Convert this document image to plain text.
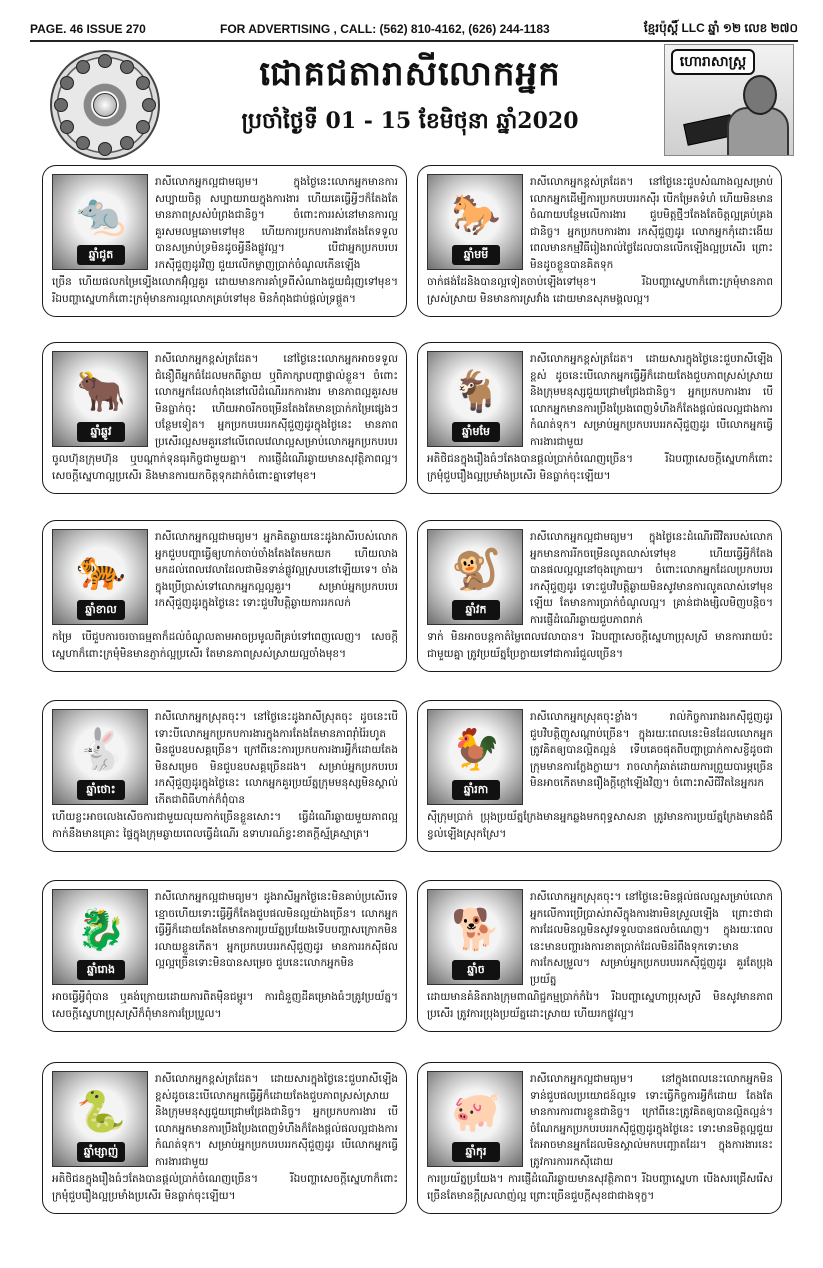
PAGE. 46 ISSUE 270	FOR ADVERTISING , CALL: (562) 810-4162, (626) 244-1183	ខ្មែរប៉ុស្ដិ៍ LLC ឆ្នាំ ១២ លេខ ២៧០
ជោគជតារាសីលោកអ្នក
ប្រចាំថ្ងៃទី 01 - 15 ខែមិថុនា ឆ្នាំ2020
ហោរាសាស្ត្រ
🐀
ឆ្នាំជូត
រាសីលោកអ្នកល្អជាមធ្យម។ ក្នុងថ្ងៃនេះលោកអ្នកមានការសប្បាយចិត្ត សប្បាយរាយក្នុងការងារ ហើយគេធ្វើអ្វីៗក៏តែងតែមានភាពស្រស់បំព្រងជានិច្ច។ ចំពោះការរស់នៅមានការល្អគួរសមលម្អឆោមទៅមុខ ហើយការប្រកបការងារតែងតែទទួលបានសម្រាប់ទ្រមិនដូចអ្វីនឹងផ្លូវល្អ។ បើជាអ្នកប្រកបរបររកស៊ីជួញដូរវិញ ជួយលើកម្លាញប្រាក់ចំណូលកើនឡើង
ច្រើន ហើយផលកម្រៃទ្បើងលោកអ៊ុំល្អគួរ ដោយមានការគាំទ្រពីសំណាងជួយជំរុញទៅមុខ។ រីឯបញ្ហាស្នេហាក៏ពោះក្រមុំមានការល្អលោកគ្រប់ទៅមុខ មិនកំពុងជាប់ផ្តល់ទ្រផ្តួត។
🐎
ឆ្នាំមមី
រាសីលោកអ្នកខ្ពស់ត្រដែត។ នៅថ្ងៃនេះជួបសំណាងល្អសម្រាប់លោកអ្នកដើម្បីការប្រកបរបររកស៊ីរ បើកម្រែតទំហំ ហើយមិនមានចំណាយបន្ថែមលើការងារ ជួបមិត្តថ្មីៗតែងតែចិត្តល្អគ្រប់គ្រងជានិច្ច។ អ្នកប្រកបការងារ រកស៊ីជួញដូរ លោកអ្នកកុំដោះងើយពេលមានកម្មវិធីរៀងរាល់ថ្ងៃដែលបានលើកឡើងល្អប្រសើរ ព្រោះមិនដូចខ្លួនបានគិតទុក
ចាក់ផង់ដែនិងបានល្អទៀតចាប់ឡើងទៅមុខ។ រីឯបញ្ហាស្នេហាក៏ពោះក្រមុំមានភាពស្រស់ស្រាយ មិនមានការស្រវាំង ដោយមានសុភមង្គលល្អ។
🐂
ឆ្នាំឆ្លូវ
រាសីលោកអ្នកខ្ពស់ត្រដែត។ នៅថ្ងៃនេះលោកអ្នកអាចទទួលជំនឿពីអ្នកធំដែលមកពីឆ្ងាយ ឬពិភាក្សាបញ្ហាផ្ទាល់ខ្លួន។ ចំពោះលោកអ្នកដែលកំពុងនៅលើដំណើររកការងារ មានភាពល្អគួរសមមិនធ្លាក់ចុះ ហើយអាចរីកចម្រើនតែងតែមានប្រាក់កម្រៃផ្សេងៗបន្ថែមទៀត។ អ្នកប្រកបរបររកស៊ីជួញដូរក្នុងថ្ងៃនេះ មានភាពប្រសើរល្អសមគួរនៅលើពេលវេលាល្អសម្រាប់លោកអ្នកប្រកបរបរ
ចូលហ៊ុនក្រុមហ៊ុន ឬបណ្តាក់ទុនធុរកិច្ចជាមួយគ្នា។ ការផ្ញើដំណើរឆ្ងាយមានសុវត្ថិភាពល្អ។ សេចក្តីស្នេហាល្អប្រសើរ និងមានការយកចិត្តទុកដាក់ចំពោះគ្នាទៅមុខ។
🐐
ឆ្នាំមមែ
រាសីលោកអ្នកខ្ពស់ត្រដែត។ ដោយសារក្នុងថ្ងៃនេះជួបរាសីឡើងខ្ពស់ ដូចនេះបើលោកអ្នកធ្វើអ្វីក៏ដោយតែងជួបភាពស្រស់ស្រាយ និងក្រុមមនុស្សជួយជ្រោមជ្រែងជានិច្ច។ អ្នកប្រកបការងារ បើលោកអ្នកមានការប្រឹងប្រែងពេញទំហឹងក៏តែងផ្តល់ផលល្អជាងការកំណត់ទុក។ សម្រាប់អ្នកប្រកបរបររកស៊ីជួញដូរ បើលោកអ្នកធ្វើការងារជាមួយ
អតិថិជនក្នុងរឿងធំៗតែងបានផ្តល់ប្រាក់ចំណេញច្រើន។ រីឯបញ្ហាសេចក្តីស្នេហាក៏ពោះក្រមុំជួបរឿងល្អប្រមាំងប្រសើរ មិនធ្លាក់ចុះឡើយ។
🐅
ឆ្នាំខាល
រាសីលោកអ្នកល្អជាមធ្យម។ អ្នកគិតឆ្ងាយនេះដូងរាសីរបស់លោកអ្នកជួបបញ្ហាធ្វើឲ្យហាក់ចាប់ចាំងតែងតែមកយក ហើយលាងមកដល់ពេលវេលាដែលជាមិនទាន់ផ្លូវល្អស្របនៅឡើយទេ។ ចាំងក្នុងប្រើប្រាស់ទៅលោកអ្នកល្អល្អគួរ។ សម្រាប់អ្នកប្រកបរបររកស៊ីជួញដូរក្នុងថ្ងៃនេះ ទោះជួបវិបត្តិឆ្ងាយការរកលក់
កម្រៃ បើជួបការចរចាធម្មតាក៏ដល់ចំណូលតាមអាចប្រមូលពីគ្រប់ទៅពេញលេញ។ សេចក្តីស្នេហាក៏ពោះក្រមុំមិនមានភ្ញាក់ល្អប្រសើរ តែមានភាពស្រស់ស្រាយល្អចាំងមុខ។
🐒
ឆ្នាំវក
រាសីលោកអ្នកល្អជាមធ្យម។ ក្នុងថ្ងៃនេះដំណើរជីវិតរបស់លោកអ្នកមានការរីកចម្រើនលូតលាស់ទៅមុខ ហើយធ្វើអ្វីក៏តែងបានផលល្អល្អនៅចុងក្រោយ។ ចំពោះលោកអ្នកដែលប្រកបរបររកស៊ីជួញដូរ ទោះជួបវិបត្តិឆ្ងាយមិនសូវមានការលូតលាស់ទៅមុខឡើយ តែមានការប្រាក់ចំណូលល្អ។ គ្រាន់ជាងម្សិលមិញបន្តិច។ ការផ្ញើដំណើរឆ្ងាយជួបភាពរាក់
ទាក់ មិនអាចបន្តកាតំម្លៃពេលវេលាបាន។ រីឯបញ្ហាសេចក្តីស្នេហាប្រុសស្រី មានការរាយប៉ះជាមួយគ្នា ត្រូវប្រយ័ត្នប្រែក្លាយទៅជាការរំជួលច្រើន។
🐇
ឆ្នាំថោះ
រាសីលោកអ្នកស្រុតចុះ។ នៅថ្ងៃនេះដូងរាសីស្រុតចុះ ដូចនេះបើទោះបីលោកអ្នកប្រកបការងារក្នុងការតែងតែមានភាពរ៉ាំរ៉ៃរហូត មិនជួបឧបសគ្គច្រើន។ ក្រៅពីនេះការប្រកបការងារអ្វីក៏ដោយតែងមិនសម្រេច មិនជួបឧបសគ្គច្រើនដង។ សម្រាប់អ្នកប្រកបរបររកស៊ីជួញដូរក្នុងថ្ងៃនេះ លោកអ្នកគួរប្រយ័ត្នក្រុមមនុស្សមិនស្គាល់កើតជាពិធីហាក់ក៏ពុំបាន
ហើយខ្លះអាចលេងសើចការជាមួយលុយកាក់ច្រើនខ្លួនសោះ។ ធ្វើដំណើរឆ្ងាយមួយភាពល្អកាក់នឹងមានគ្រោះ ផ្ទៃក្នុងក្រុមឆ្ងាយពេលធ្វើដំណើរ ឧទាហរណ៍ខ្វះខាតក្តីស្ម័គ្រស្មាត្រ។
🐓
ឆ្នាំរកា
រាសីលោកអ្នកស្រុតចុះខ្លាំង។ រាល់កិច្ចការរាងរកស៊ីជួញដូរ ជួបវិបត្តិញួសណ្តាប់ច្រើន។ ក្នុងរយៈពេលនេះមិនដែលលោកអ្នកត្រូវគិតឲ្យបានល្អិតល្អន់ ទើបគេចផុតពីបញ្ហាប្រាក់កាសខ្ចីដូចជាក្រុមមានការក្លែងក្លាយ។ រាចលាកុំឆាត់ដោយការព្រួយបារម្ភច្រើន មិនអាចកើតមានរឿងក្តីក្តៅឡើងវិញ។ ចំពោះរាសីជីវិតនៃអ្នករក
ស៊ីក្រុមប្រាក់ ប្រុងប្រយ័ត្នក្រែងមានអ្នកឆ្លងមកពុទ្ធសាសនា ត្រូវមានការប្រយ័ត្នក្រែងមានជំងឺខ្វល់ឡើងស្រុកស្រែ។
🐉
ឆ្នាំរោង
រាសីលោកអ្នកល្អជាមធ្យម។ ដូងរាសីអ្នកថ្ងៃនេះមិនគាប់ប្រសើរទេ ខ្មោចហើយទោះធ្វើអ្វីក៏តែងជួបផលមិនល្អយ៉ាងច្រើន។ លោកអ្នកធ្វើអ្វីក៏ដោយតែងតែមានការប្រយ័ត្នប្រយែងទើបបញ្ហាសក្រោកមិនរលាយខ្លួនកើត។ អ្នកប្រកបរបររកស៊ីជួញដូរ មានការរកស៊ីផលល្អល្អច្រើនទោះមិនបានសម្រេច ជួបនេះលោកអ្នកមិន
អាចធ្វើអ្វីពុំបាន ឬគង់ក្រោយដោយការពិតម៉ឺនជម្ពូរ។ ការជំនួញដីគម្រោងធំៗត្រូវប្រយ័ត្ន។ សេចក្តីស្នេហាប្រុសស្រីក៏ពុំមានការប្រែប្រួល។
🐕
ឆ្នាំច
រាសីលោកអ្នកស្រុតចុះ។ នៅថ្ងៃនេះមិនផ្តល់ផលល្អសម្រាប់លោកអ្នកលើការប្រើប្រាស់រាសីក្នុងការងារមិនស្រួលឡើង ព្រោះថាជាការដែលមិនល្អមិនសូវទទួលបានផលចំណេញ។ ក្នុងរយៈពេលនេះមានបញ្ហារងការខាតប្រាក់ដែលមិនរំពឹងទុកទោះមានការកែសម្រួល។ សម្រាប់អ្នកប្រកបរបររកស៊ីជួញដូរ គួរតែប្រុងប្រយ័ត្ន
ដោយមានគំនិតរាងក្រុមពាណិជ្ជកម្មប្រាក់កំរៃ។ រីឯបញ្ហាស្នេហាប្រុសស្រី មិនសូវមានភាពប្រសើរ ត្រូវការប្រុងប្រយ័ត្នដោះស្រាយ ហើយរកផ្លូវល្អ។
🐍
ឆ្នាំម្សាញ់
រាសីលោកអ្នកខ្ពស់ត្រដែត។ ដោយសារក្នុងថ្ងៃនេះជួបរាសីឡើងខ្ពស់ដូចនេះបើលោកអ្នកធ្វើអ្វីក៏ដោយតែងជួបភាពស្រស់ស្រាយ និងក្រុមមនុស្សជួយជ្រោមជ្រែងជានិច្ច។ អ្នកប្រកបការងារ បើលោកអ្នកមានការប្រឹងប្រែងពេញទំហឹងក៏តែងផ្តល់ផលល្អជាងការកំណត់ទុក។ សម្រាប់អ្នកប្រកបរបររកស៊ីជួញដូរ បើលោកអ្នកធ្វើការងារជាមួយ
អតិថិជនក្នុងរឿងធំៗតែងបានផ្តល់ប្រាក់ចំណេញច្រើន។ រីឯបញ្ហាសេចក្តីស្នេហាក៏ពោះក្រមុំជួបរឿងល្អប្រមាំងប្រសើរ មិនធ្លាក់ចុះឡើយ។
🐖
ឆ្នាំកុរ
រាសីលោកអ្នកល្អជាមធ្យម។ នៅក្នុងពេលនេះលោកអ្នកមិនទាន់ជួបផលប្រយោជន៍ល្អទេ ទោះធ្វើកិច្ចការអ្វីក៏ដោយ តែងតែមានការការពារខ្លួនជានិច្ច។ ក្រៅពីនេះត្រូវគិតឲ្យបានល្អិតល្អន់។ ចំណែកអ្នកប្រកបរបររកស៊ីជួញដូរក្នុងថ្ងៃនេះ ទោះមានមិត្តល្អជួយ តែអាចមានអ្នកដែលមិនស្គាល់មកបញ្ឆោតដែរ។ ក្នុងការងារនេះត្រូវការការរកស៊ីដោយ
ការប្រយ័ត្នប្រយែង។ ការផ្ញើដំណើរឆ្ងាយមានសុវត្ថិភាព។ រីឯបញ្ហាស្នេហា បើងសរជ្រើសរើសច្រើនតែមានក្តីស្រលាញ់ល្អ ព្រោះច្រើនជួបក្តីសុខជាជាងទុក្ខ។
